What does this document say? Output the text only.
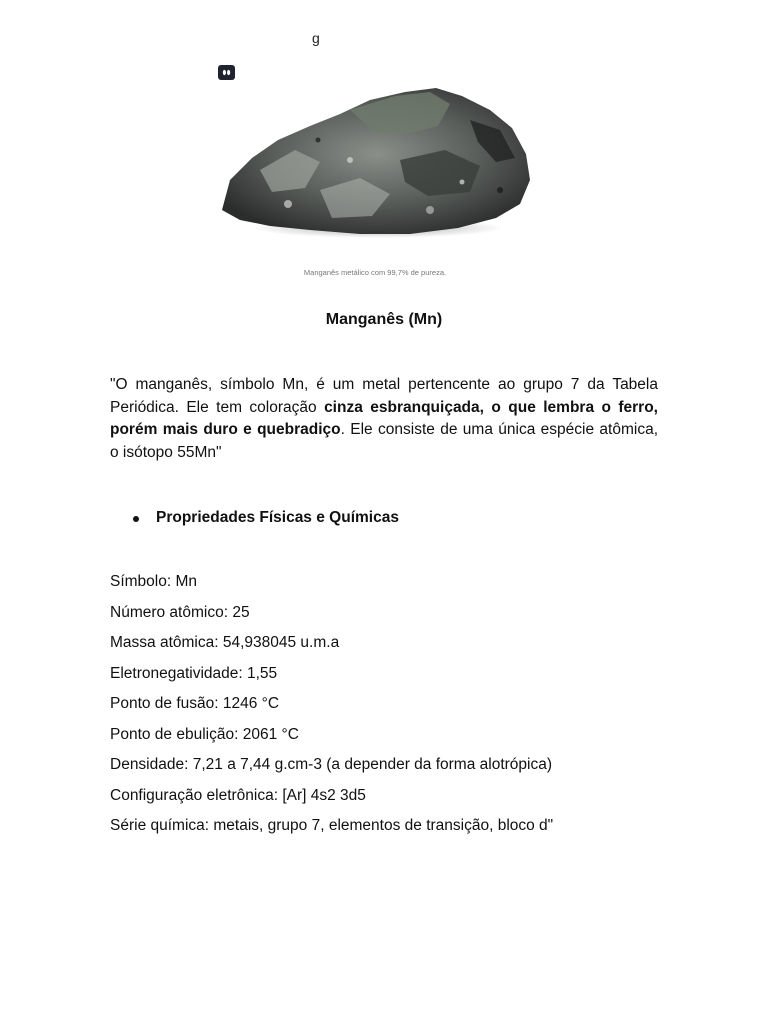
g
Manganês metálico com 99,7% de pureza.
Manganês (Mn)

"O manganês, símbolo Mn, é um metal pertencente ao grupo 7 da Tabela Periódica. Ele tem coloração cinza esbranquiçada, o que lembra o ferro, porém mais duro e quebradiço. Ele consiste de uma única espécie atômica, o isótopo 55Mn"

Propriedades Físicas e Químicas
Símbolo: Mn
Número atômico: 25
Massa atômica: 54,938045 u.m.a
Eletronegatividade: 1,55
Ponto de fusão: 1246 °C
Ponto de ebulição: 2061 °C
Densidade: 7,21 a 7,44 g.cm-3 (a depender da forma alotrópica)
Configuração eletrônica: [Ar] 4s2 3d5
Série química: metais, grupo 7, elementos de transição, bloco d"
